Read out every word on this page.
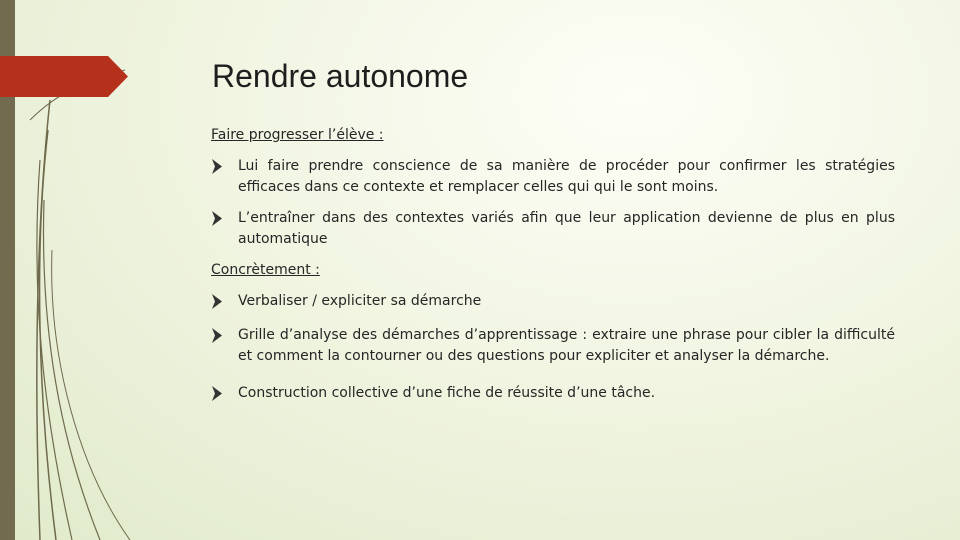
Rendre autonome
Faire progresser l’élève :
Lui faire prendre conscience de sa manière de procéder pour confirmer les stratégies efficaces dans ce contexte et remplacer celles qui qui le sont moins.
L’entraîner dans des contextes variés afin que leur application devienne de plus en plus automatique
Concrètement :
Verbaliser / expliciter sa démarche
Grille d’analyse des démarches d’apprentissage : extraire une phrase pour cibler la difficulté et comment la contourner ou des questions pour expliciter et analyser la démarche.
Construction collective d’une fiche de réussite d’une tâche.
